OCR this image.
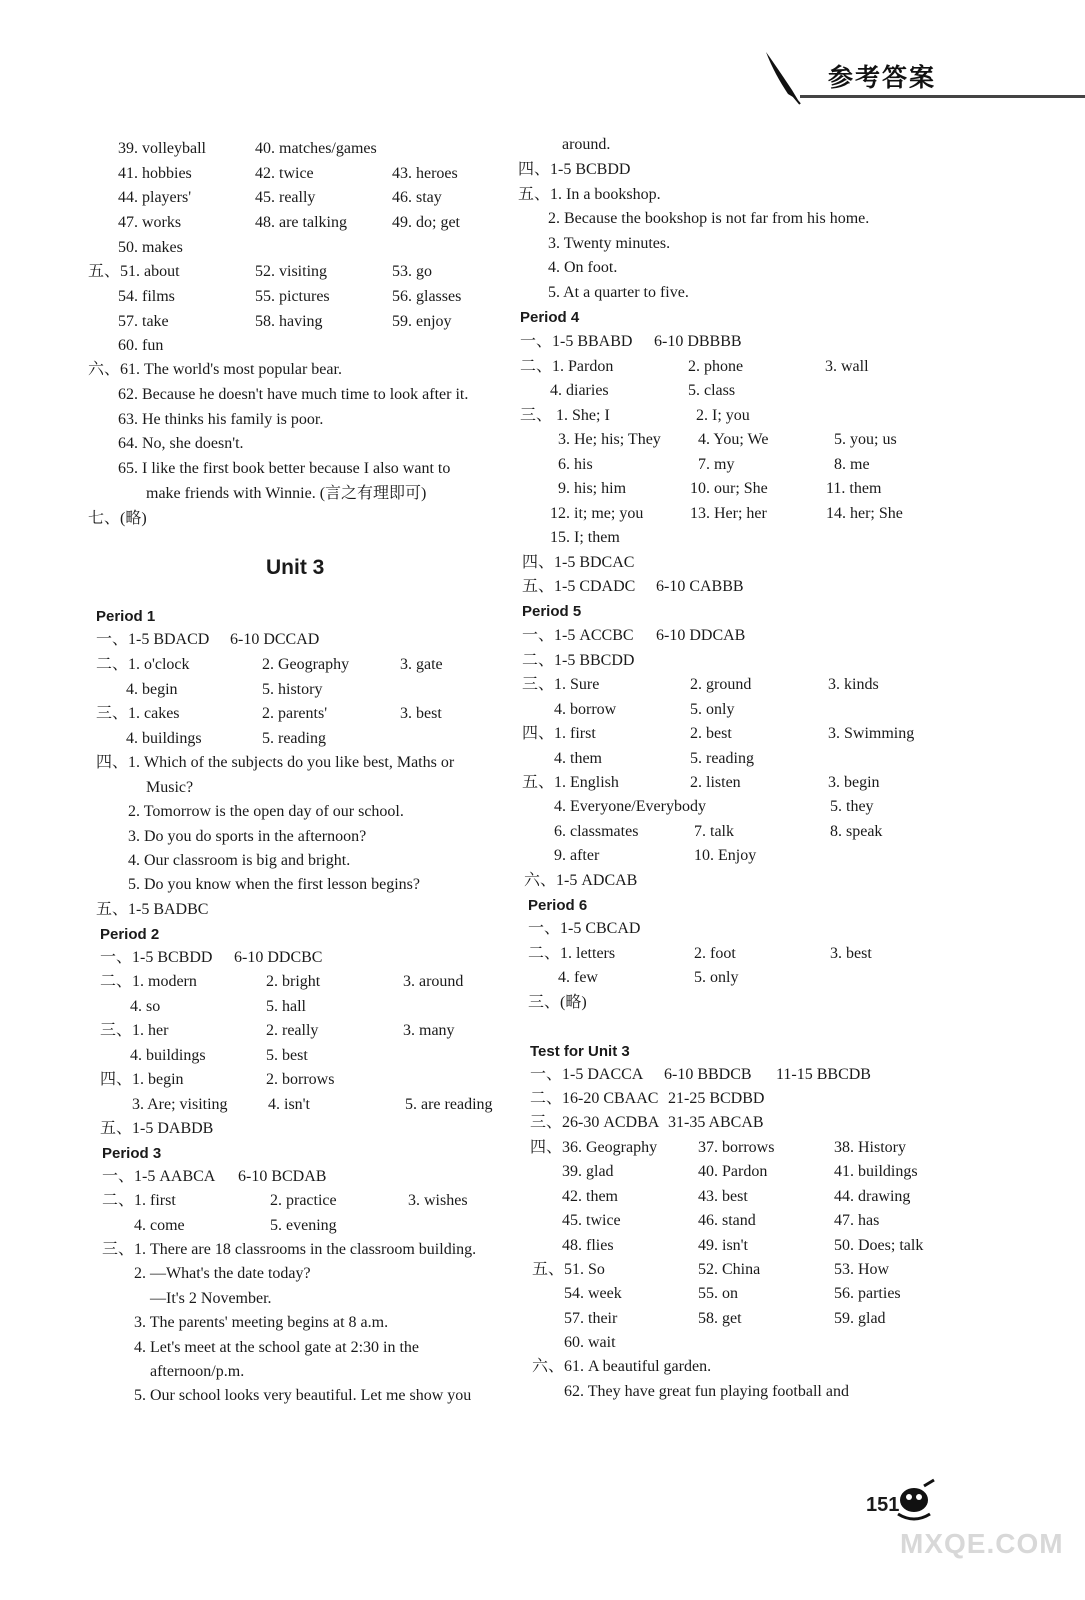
参考答案
39. volleyball	40. matches/games
41. hobbies	42. twice	43. heroes
44. players'	45. really	46. stay
47. works	48. are talking	49. do; get
50. makes
五、51. about	52. visiting	53. go
54. films	55. pictures	56. glasses
57. take	58. having	59. enjoy
60. fun
六、61. The world's most popular bear.
62. Because he doesn't have much time to look after it.
63. He thinks his family is poor.
64. No, she doesn't.
65. I like the first book better because I also want to
make friends with Winnie. (言之有理即可)
七、(略)
Unit 3
Period 1
一、1-5 BDACD 6-10 DCCAD
二、1. o'clock	2. Geography	3. gate
4. begin	5. history
三、1. cakes	2. parents'	3. best
4. buildings	5. reading
四、1. Which of the subjects do you like best, Maths or
Music?
2. Tomorrow is the open day of our school.
3. Do you do sports in the afternoon?
4. Our classroom is big and bright.
5. Do you know when the first lesson begins?
五、1-5 BADBC
Period 2
一、1-5 BCBDD 6-10 DDCBC
二、1. modern	2. bright	3. around
4. so	5. hall
三、1. her	2. really	3. many
4. buildings	5. best
四、1. begin	2. borrows
3. Are; visiting	4. isn't	5. are reading
五、1-5 DABDB
Period 3
一、1-5 AABCA 6-10 BCDAB
二、1. first	2. practice	3. wishes
4. come	5. evening
三、1. There are 18 classrooms in the classroom building.
2. —What's the date today?
—It's 2 November.
3. The parents' meeting begins at 8 a.m.
4. Let's meet at the school gate at 2:30 in the
afternoon/p.m.
5. Our school looks very beautiful. Let me show you
around.
四、1-5 BCBDD
五、1. In a bookshop.
2. Because the bookshop is not far from his home.
3. Twenty minutes.
4. On foot.
5. At a quarter to five.
Period 4
一、1-5 BBABD 6-10 DBBBB
二、1. Pardon	2. phone	3. wall
4. diaries	5. class
三、 1. She; I	2. I; you
3. He; his; They 4. You; We	5. you; us
6. his	7. my	8. me
9. his; him	10. our; She	11. them
12. it; me; you	13. Her; her	14. her; She
15. I; them
四、1-5 BDCAC
五、1-5 CDADC 6-10 CABBB
Period 5
一、1-5 ACCBC 6-10 DDCAB
二、1-5 BBCDD
三、1. Sure	2. ground	3. kinds
4. borrow	5. only
四、1. first	2. best	3. Swimming
4. them	5. reading
五、1. English	2. listen	3. begin
4. Everyone/Everybody	5. they
6. classmates	7. talk	8. speak
9. after	10. Enjoy
六、1-5 ADCAB
Period 6
一、1-5 CBCAD
二、1. letters	2. foot	3. best
4. few	5. only
三、(略)
Test for Unit 3
一、1-5 DACCA 6-10 BBDCB 11-15 BBCDB
二、16-20 CBAAC 21-25 BCDBD
三、26-30 ACDBA 31-35 ABCAB
四、36. Geography	37. borrows	38. History
39. glad	40. Pardon	41. buildings
42. them	43. best	44. drawing
45. twice	46. stand	47. has
48. flies	49. isn't	50. Does; talk
五、51. So	52. China	53. How
54. week	55. on	56. parties
57. their	58. get	59. glad
60. wait
六、61. A beautiful garden.
62. They have great fun playing football and
151
MXQE.COM
